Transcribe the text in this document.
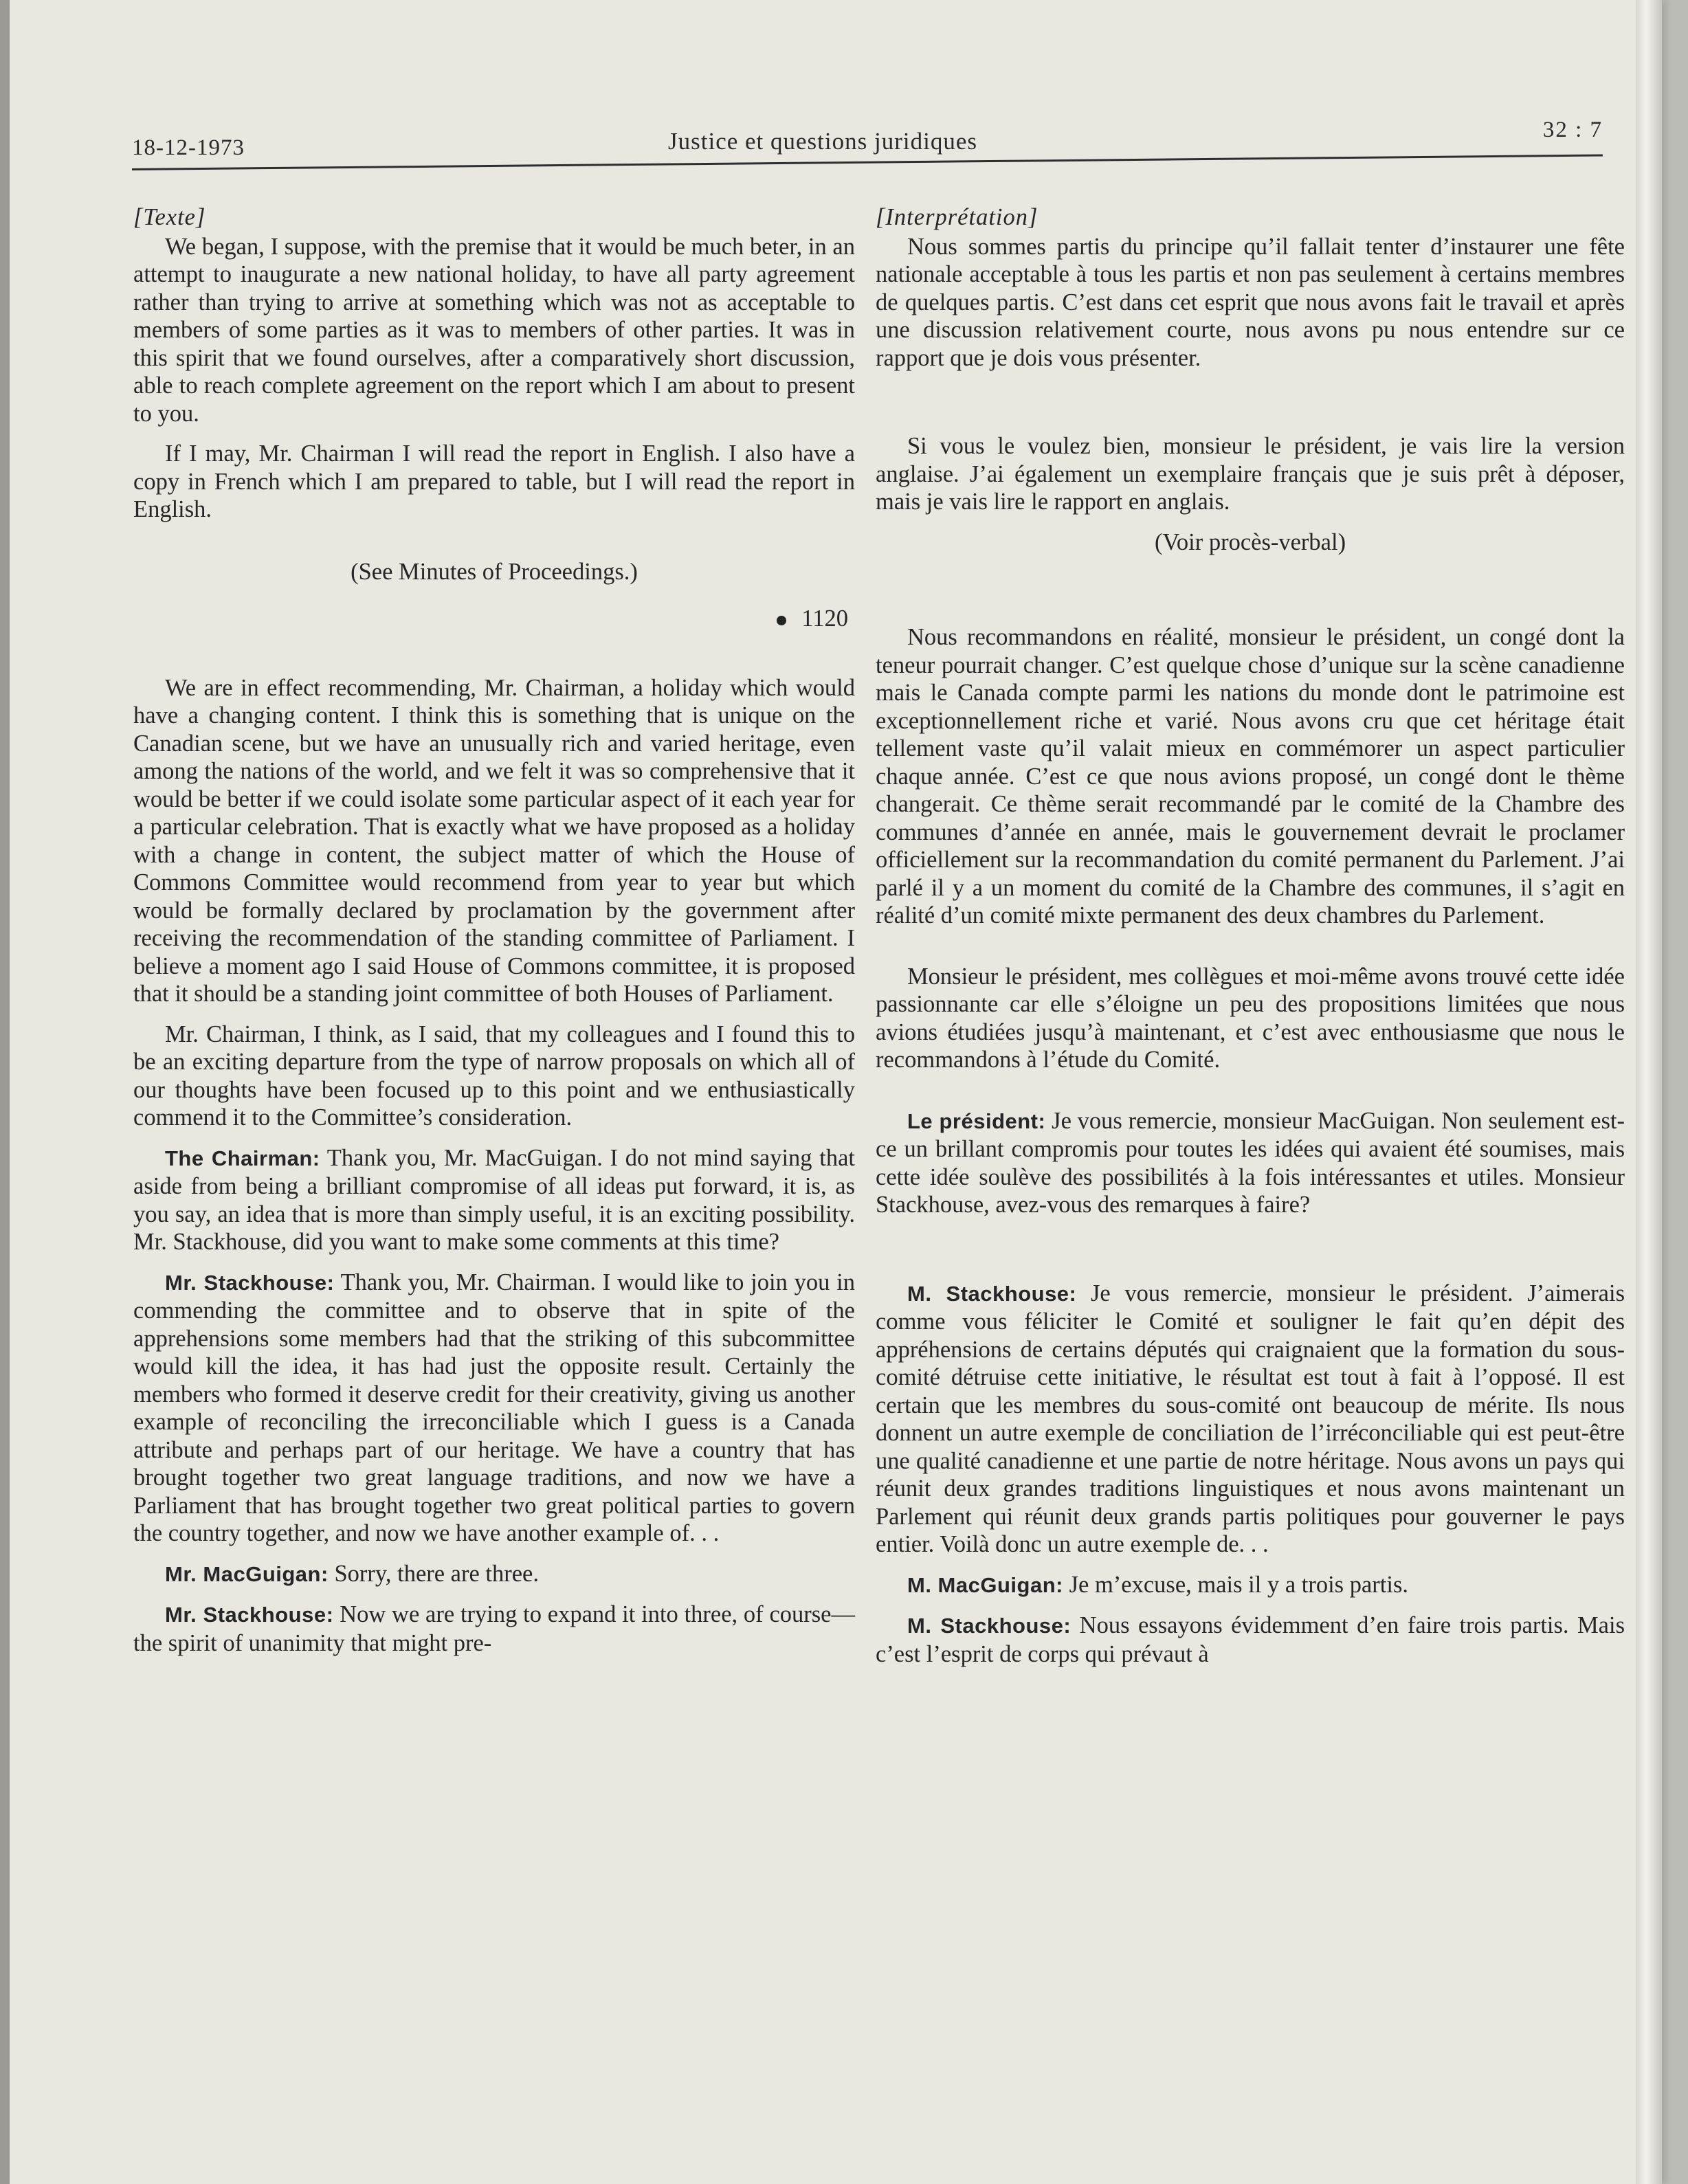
18-12-1973	Justice et questions juridiques	32 : 7

[Texte]

We began, I suppose, with the premise that it would be much beter, in an attempt to inaugurate a new national holiday, to have all party agreement rather than trying to arrive at something which was not as acceptable to members of some parties as it was to members of other parties. It was in this spirit that we found ourselves, after a comparatively short discussion, able to reach complete agreement on the report which I am about to present to you.

If I may, Mr. Chairman I will read the report in English. I also have a copy in French which I am prepared to table, but I will read the report in English.

(See Minutes of Proceedings.)

1120

We are in effect recommending, Mr. Chairman, a holiday which would have a changing content. I think this is something that is unique on the Canadian scene, but we have an unusually rich and varied heritage, even among the nations of the world, and we felt it was so comprehensive that it would be better if we could isolate some particular aspect of it each year for a particular celebration. That is exactly what we have proposed as a holiday with a change in content, the subject matter of which the House of Commons Committee would recommend from year to year but which would be formally declared by proclamation by the government after receiving the recommendation of the standing committee of Parliament. I believe a moment ago I said House of Commons committee, it is proposed that it should be a standing joint committee of both Houses of Parliament.

Mr. Chairman, I think, as I said, that my colleagues and I found this to be an exciting departure from the type of narrow proposals on which all of our thoughts have been focused up to this point and we enthusiastically commend it to the Committee’s consideration.

The Chairman: Thank you, Mr. MacGuigan. I do not mind saying that aside from being a brilliant compromise of all ideas put forward, it is, as you say, an idea that is more than simply useful, it is an exciting possibility. Mr. Stackhouse, did you want to make some comments at this time?

Mr. Stackhouse: Thank you, Mr. Chairman. I would like to join you in commending the committee and to observe that in spite of the apprehensions some members had that the striking of this subcommittee would kill the idea, it has had just the opposite result. Certainly the members who formed it deserve credit for their creativity, giving us another example of reconciling the irreconciliable which I guess is a Canada attribute and perhaps part of our heritage. We have a country that has brought together two great language traditions, and now we have a Parliament that has brought together two great political parties to govern the country together, and now we have another example of. . .

Mr. MacGuigan: Sorry, there are three.

Mr. Stackhouse: Now we are trying to expand it into three, of course—the spirit of unanimity that might pre-

[Interprétation]

Nous sommes partis du principe qu’il fallait tenter d’instaurer une fête nationale acceptable à tous les partis et non pas seulement à certains membres de quelques partis. C’est dans cet esprit que nous avons fait le travail et après une discussion relativement courte, nous avons pu nous entendre sur ce rapport que je dois vous présenter.

Si vous le voulez bien, monsieur le président, je vais lire la version anglaise. J’ai également un exemplaire français que je suis prêt à déposer, mais je vais lire le rapport en anglais.

(Voir procès-verbal)

Nous recommandons en réalité, monsieur le président, un congé dont la teneur pourrait changer. C’est quelque chose d’unique sur la scène canadienne mais le Canada compte parmi les nations du monde dont le patrimoine est exceptionnellement riche et varié. Nous avons cru que cet héritage était tellement vaste qu’il valait mieux en commémorer un aspect particulier chaque année. C’est ce que nous avions proposé, un congé dont le thème changerait. Ce thème serait recommandé par le comité de la Chambre des communes d’année en année, mais le gouvernement devrait le proclamer officiellement sur la recommandation du comité permanent du Parlement. J’ai parlé il y a un moment du comité de la Chambre des communes, il s’agit en réalité d’un comité mixte permanent des deux chambres du Parlement.

Monsieur le président, mes collègues et moi-même avons trouvé cette idée passionnante car elle s’éloigne un peu des propositions limitées que nous avions étudiées jusqu’à maintenant, et c’est avec enthousiasme que nous le recommandons à l’étude du Comité.

Le président: Je vous remercie, monsieur MacGuigan. Non seulement est-ce un brillant compromis pour toutes les idées qui avaient été soumises, mais cette idée soulève des possibilités à la fois intéressantes et utiles. Monsieur Stackhouse, avez-vous des remarques à faire?

M. Stackhouse: Je vous remercie, monsieur le président. J’aimerais comme vous féliciter le Comité et souligner le fait qu’en dépit des appréhensions de certains députés qui craignaient que la formation du sous-comité détruise cette initiative, le résultat est tout à fait à l’opposé. Il est certain que les membres du sous-comité ont beaucoup de mérite. Ils nous donnent un autre exemple de conciliation de l’irréconciliable qui est peut-être une qualité canadienne et une partie de notre héritage. Nous avons un pays qui réunit deux grandes traditions linguistiques et nous avons maintenant un Parlement qui réunit deux grands partis politiques pour gouverner le pays entier. Voilà donc un autre exemple de. . .

M. MacGuigan: Je m’excuse, mais il y a trois partis.

M. Stackhouse: Nous essayons évidemment d’en faire trois partis. Mais c’est l’esprit de corps qui prévaut à
